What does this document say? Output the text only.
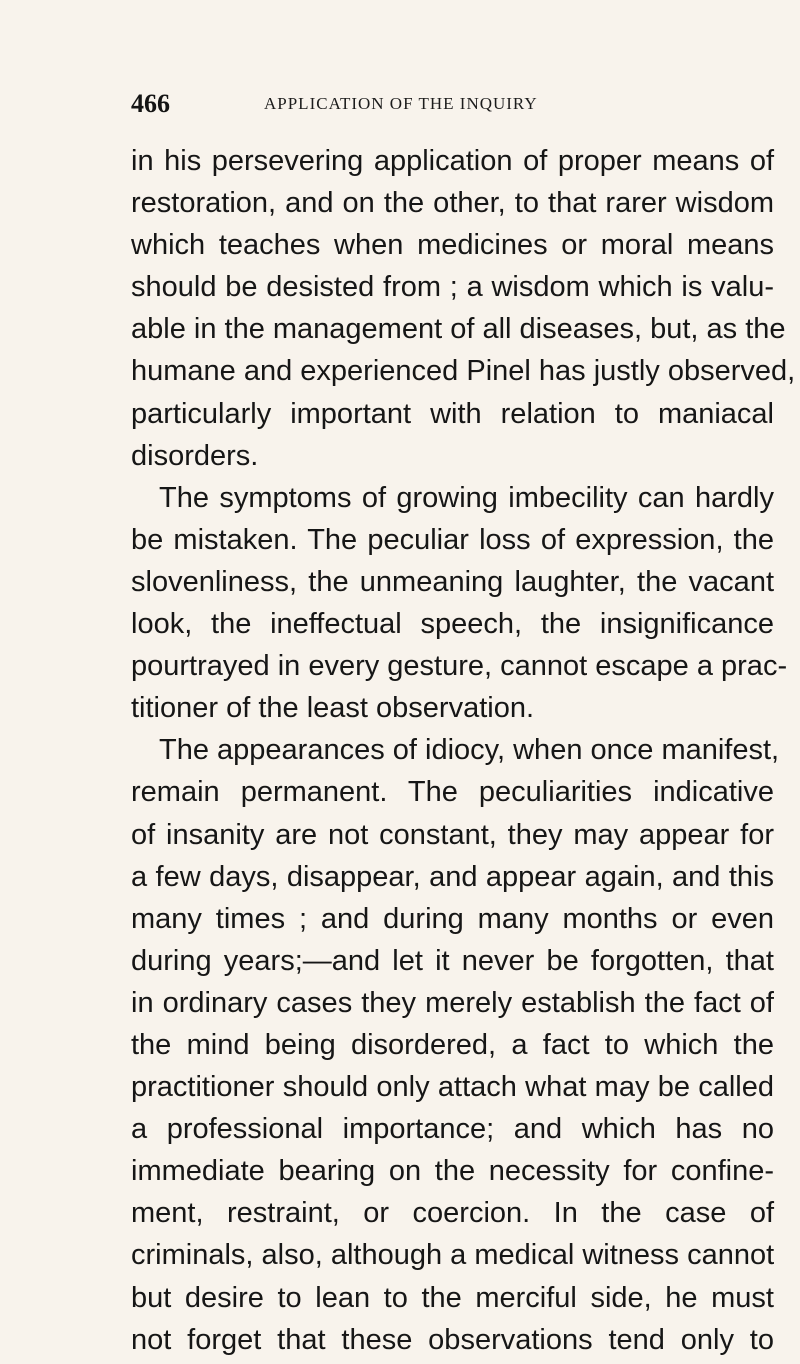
466	APPLICATION OF THE INQUIRY
in his persevering application of proper means of
restoration, and on the other, to that rarer wisdom
which teaches when medicines or moral means
should be desisted from ; a wisdom which is valu-
able in the management of all diseases, but, as the
humane and experienced Pinel has justly observed,
particularly important with relation to maniacal
disorders.
The symptoms of growing imbecility can hardly
be mistaken. The peculiar loss of expression, the
slovenliness, the unmeaning laughter, the vacant
look, the ineffectual speech, the insignificance
pourtrayed in every gesture, cannot escape a prac-
titioner of the least observation.
The appearances of idiocy, when once manifest,
remain permanent. The peculiarities indicative
of insanity are not constant, they may appear for
a few days, disappear, and appear again, and this
many times ; and during many months or even
during years;—and let it never be forgotten, that
in ordinary cases they merely establish the fact of
the mind being disordered, a fact to which the
practitioner should only attach what may be called
a professional importance; and which has no
immediate bearing on the necessity for confine-
ment, restraint, or coercion. In the case of
criminals, also, although a medical witness cannot
but desire to lean to the merciful side, he must
not forget that these observations tend only to
